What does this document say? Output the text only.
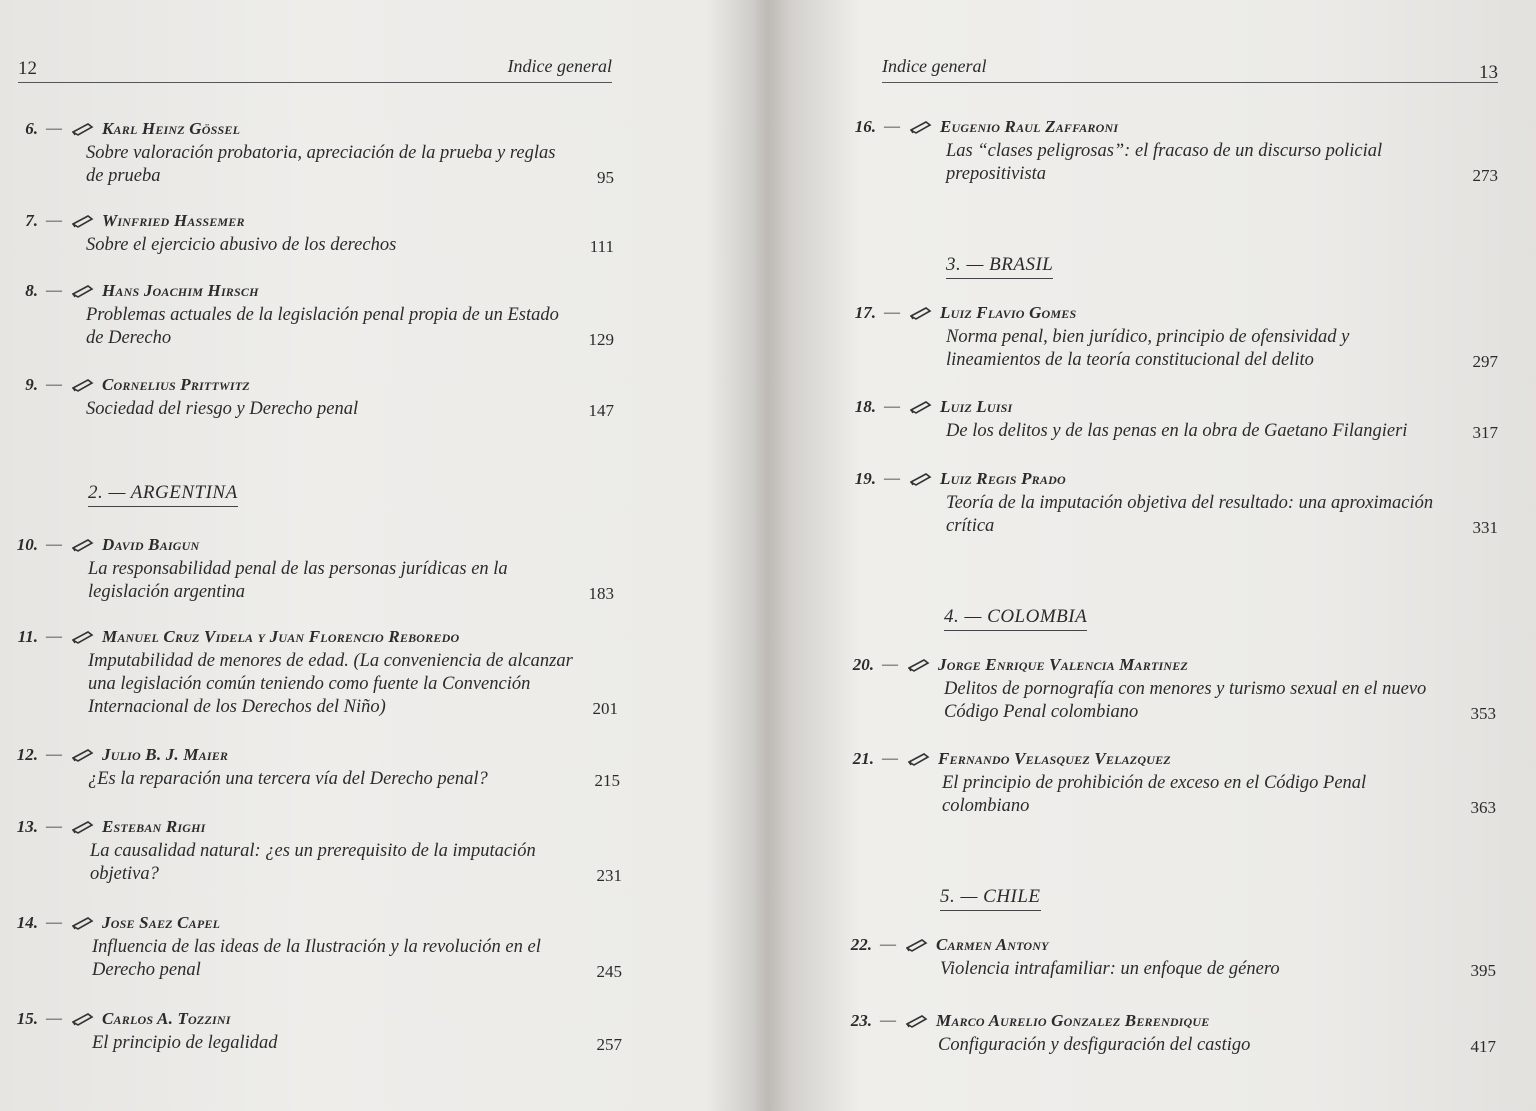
12	Indice general
6. — Karl Heinz Gössel
Sobre valoración probatoria, apreciación de la prueba y reglas de prueba	95
7. — Winfried Hassemer
Sobre el ejercicio abusivo de los derechos	111
8. — Hans Joachim Hirsch
Problemas actuales de la legislación penal propia de un Estado de Derecho	129
9. — Cornelius Prittwitz
Sociedad del riesgo y Derecho penal	147
2. — ARGENTINA
10. — David Baigun
La responsabilidad penal de las personas jurídicas en la legislación argentina	183
11. — Manuel Cruz Videla y Juan Florencio Reboredo
Imputabilidad de menores de edad. (La conveniencia de alcanzar una legislación común teniendo como fuente la Convención Internacional de los Derechos del Niño)	201
12. — Julio B. J. Maier
¿Es la reparación una tercera vía del Derecho penal?	215
13. — Esteban Righi
La causalidad natural: ¿es un prerequisito de la imputación objetiva?	231
14. — Jose Saez Capel
Influencia de las ideas de la Ilustración y la revolución en el Derecho penal	245
15. — Carlos A. Tozzini
El principio de legalidad	257
Indice general	13
16. — Eugenio Raul Zaffaroni
Las “clases peligrosas”: el fracaso de un discurso policial prepositivista	273
3. — BRASIL
17. — Luiz Flavio Gomes
Norma penal, bien jurídico, principio de ofensividad y lineamientos de la teoría constitucional del delito	297
18. — Luiz Luisi
De los delitos y de las penas en la obra de Gaetano Filangieri	317
19. — Luiz Regis Prado
Teoría de la imputación objetiva del resultado: una aproximación crítica	331
4. — COLOMBIA
20. — Jorge Enrique Valencia Martinez
Delitos de pornografía con menores y turismo sexual en el nuevo Código Penal colombiano	353
21. — Fernando Velasquez Velazquez
El principio de prohibición de exceso en el Código Penal colombiano	363
5. — CHILE
22. — Carmen Antony
Violencia intrafamiliar: un enfoque de género	395
23. — Marco Aurelio Gonzalez Berendique
Configuración y desfiguración del castigo	417
